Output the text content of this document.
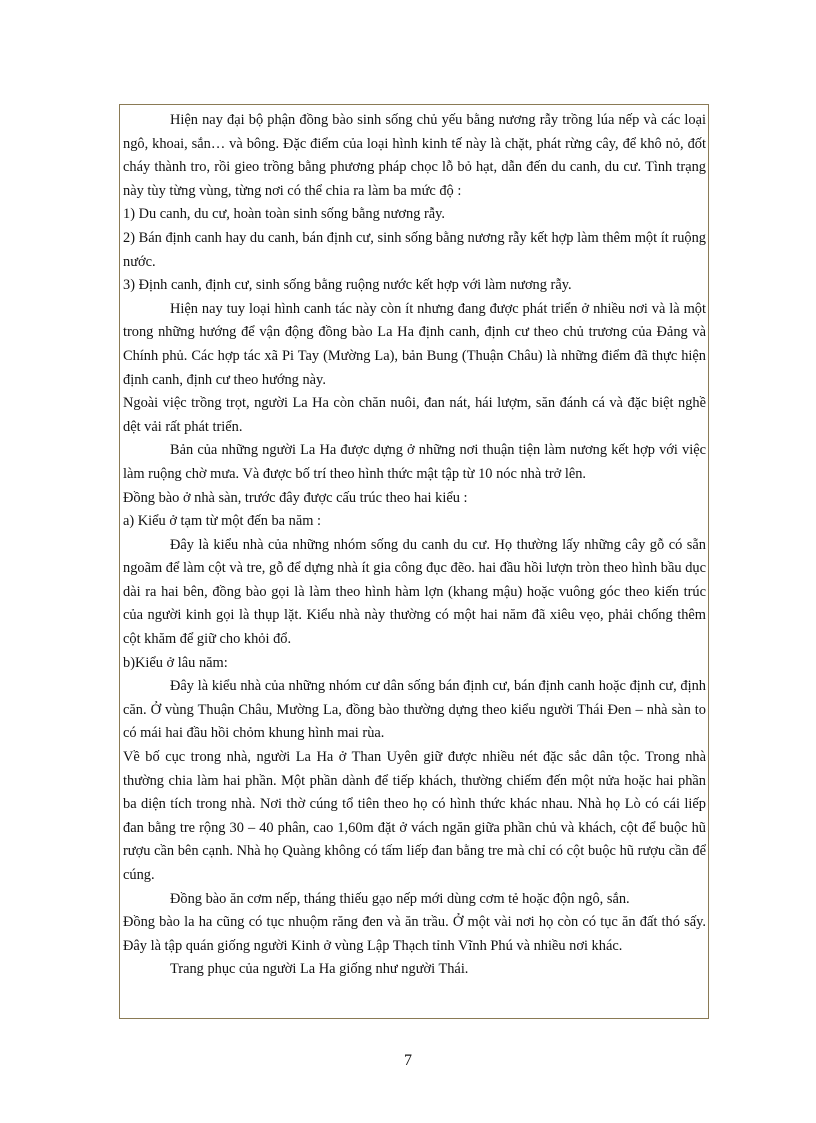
Hiện nay đại bộ phận đồng bào sinh sống chủ yếu bằng nương rẫy trồng lúa nếp và các loại ngô, khoai, sắn… và bông. Đặc điểm của loại hình kinh tế này là chặt, phát rừng cây, để khô nỏ, đốt cháy thành tro, rồi gieo trồng bằng phương pháp chọc lỗ bỏ hạt, dẫn đến du canh, du cư. Tình trạng này tùy từng vùng, từng nơi có thể chia ra làm ba mức độ :

1) Du canh, du cư, hoàn toàn sinh sống bằng nương rẫy.

2) Bán định canh hay du canh, bán định cư, sinh sống bằng nương rẫy kết hợp làm thêm một ít ruộng nước.

3) Định canh, định cư, sinh sống bằng ruộng nước kết hợp với làm nương rẫy.

Hiện nay tuy loại hình canh tác này còn ít nhưng đang được phát triển ở nhiều nơi và là một trong những hướng để vận động đồng bào La Ha định canh, định cư theo chủ trương của Đảng và Chính phủ. Các hợp tác xã Pi Tay (Mường La), bản Bung (Thuận Châu) là những điểm đã thực hiện định canh, định cư theo hướng này.

Ngoài việc trồng trọt, người La Ha còn chăn nuôi, đan nát, hái lượm, săn đánh cá và đặc biệt nghề dệt vải rất phát triển.

Bản của những người La Ha được dựng ở những nơi thuận tiện làm nương kết hợp với việc làm ruộng chờ mưa. Và được bố trí theo hình thức mật tập từ 10 nóc nhà trở lên.

Đồng bào ở nhà sàn, trước đây được cấu trúc theo hai kiểu :

a) Kiểu ở tạm từ một đến ba năm :

Đây là kiểu nhà của những nhóm sống du canh du cư. Họ thường lấy những cây gỗ có sẵn ngoãm để làm cột và tre, gỗ để dựng nhà ít gia công đục đẽo. hai đầu hồi lượn tròn theo hình bầu dục dài ra hai bên, đồng bào gọi là làm theo hình hàm lợn (khang mậu) hoặc vuông góc theo kiến trúc của người kinh gọi là thụp lặt. Kiểu nhà này thường có một hai năm đã xiêu vẹo, phải chống thêm cột khăm để giữ cho khỏi đổ.

b)Kiểu ở lâu năm:

Đây là kiểu nhà của những nhóm cư dân sống bán định cư, bán định canh hoặc định cư, định căn. Ở vùng Thuận Châu, Mường La, đồng bào thường dựng theo kiểu người Thái Đen – nhà sàn to có mái hai đầu hồi chỏm khung hình mai rùa.

Về bố cục trong nhà, người La Ha ở Than Uyên giữ được nhiều nét đặc sắc dân tộc. Trong nhà thường chia làm hai phần. Một phần dành để tiếp khách, thường chiếm đến một nửa hoặc hai phần ba diện tích trong nhà. Nơi thờ cúng tổ tiên theo họ có hình thức khác nhau. Nhà họ Lò có cái liếp đan bằng tre rộng 30 – 40 phân, cao 1,60m đặt ở vách ngăn giữa phần chủ và khách, cột để buộc hũ rượu cần bên cạnh. Nhà họ Quàng không có tấm liếp đan bằng tre mà chỉ có cột buộc hũ rượu cần để cúng.

Đồng bào ăn cơm nếp, tháng thiếu gạo nếp mới dùng cơm tẻ hoặc độn ngô, sắn.

Đồng bào la ha cũng có tục nhuộm răng đen và ăn trầu. Ở một vài nơi họ còn có tục ăn đất thó sấy. Đây là tập quán giống người Kinh ở vùng Lập Thạch tỉnh Vĩnh Phú và nhiều nơi khác.

Trang phục của người La Ha giống như người Thái.

7
